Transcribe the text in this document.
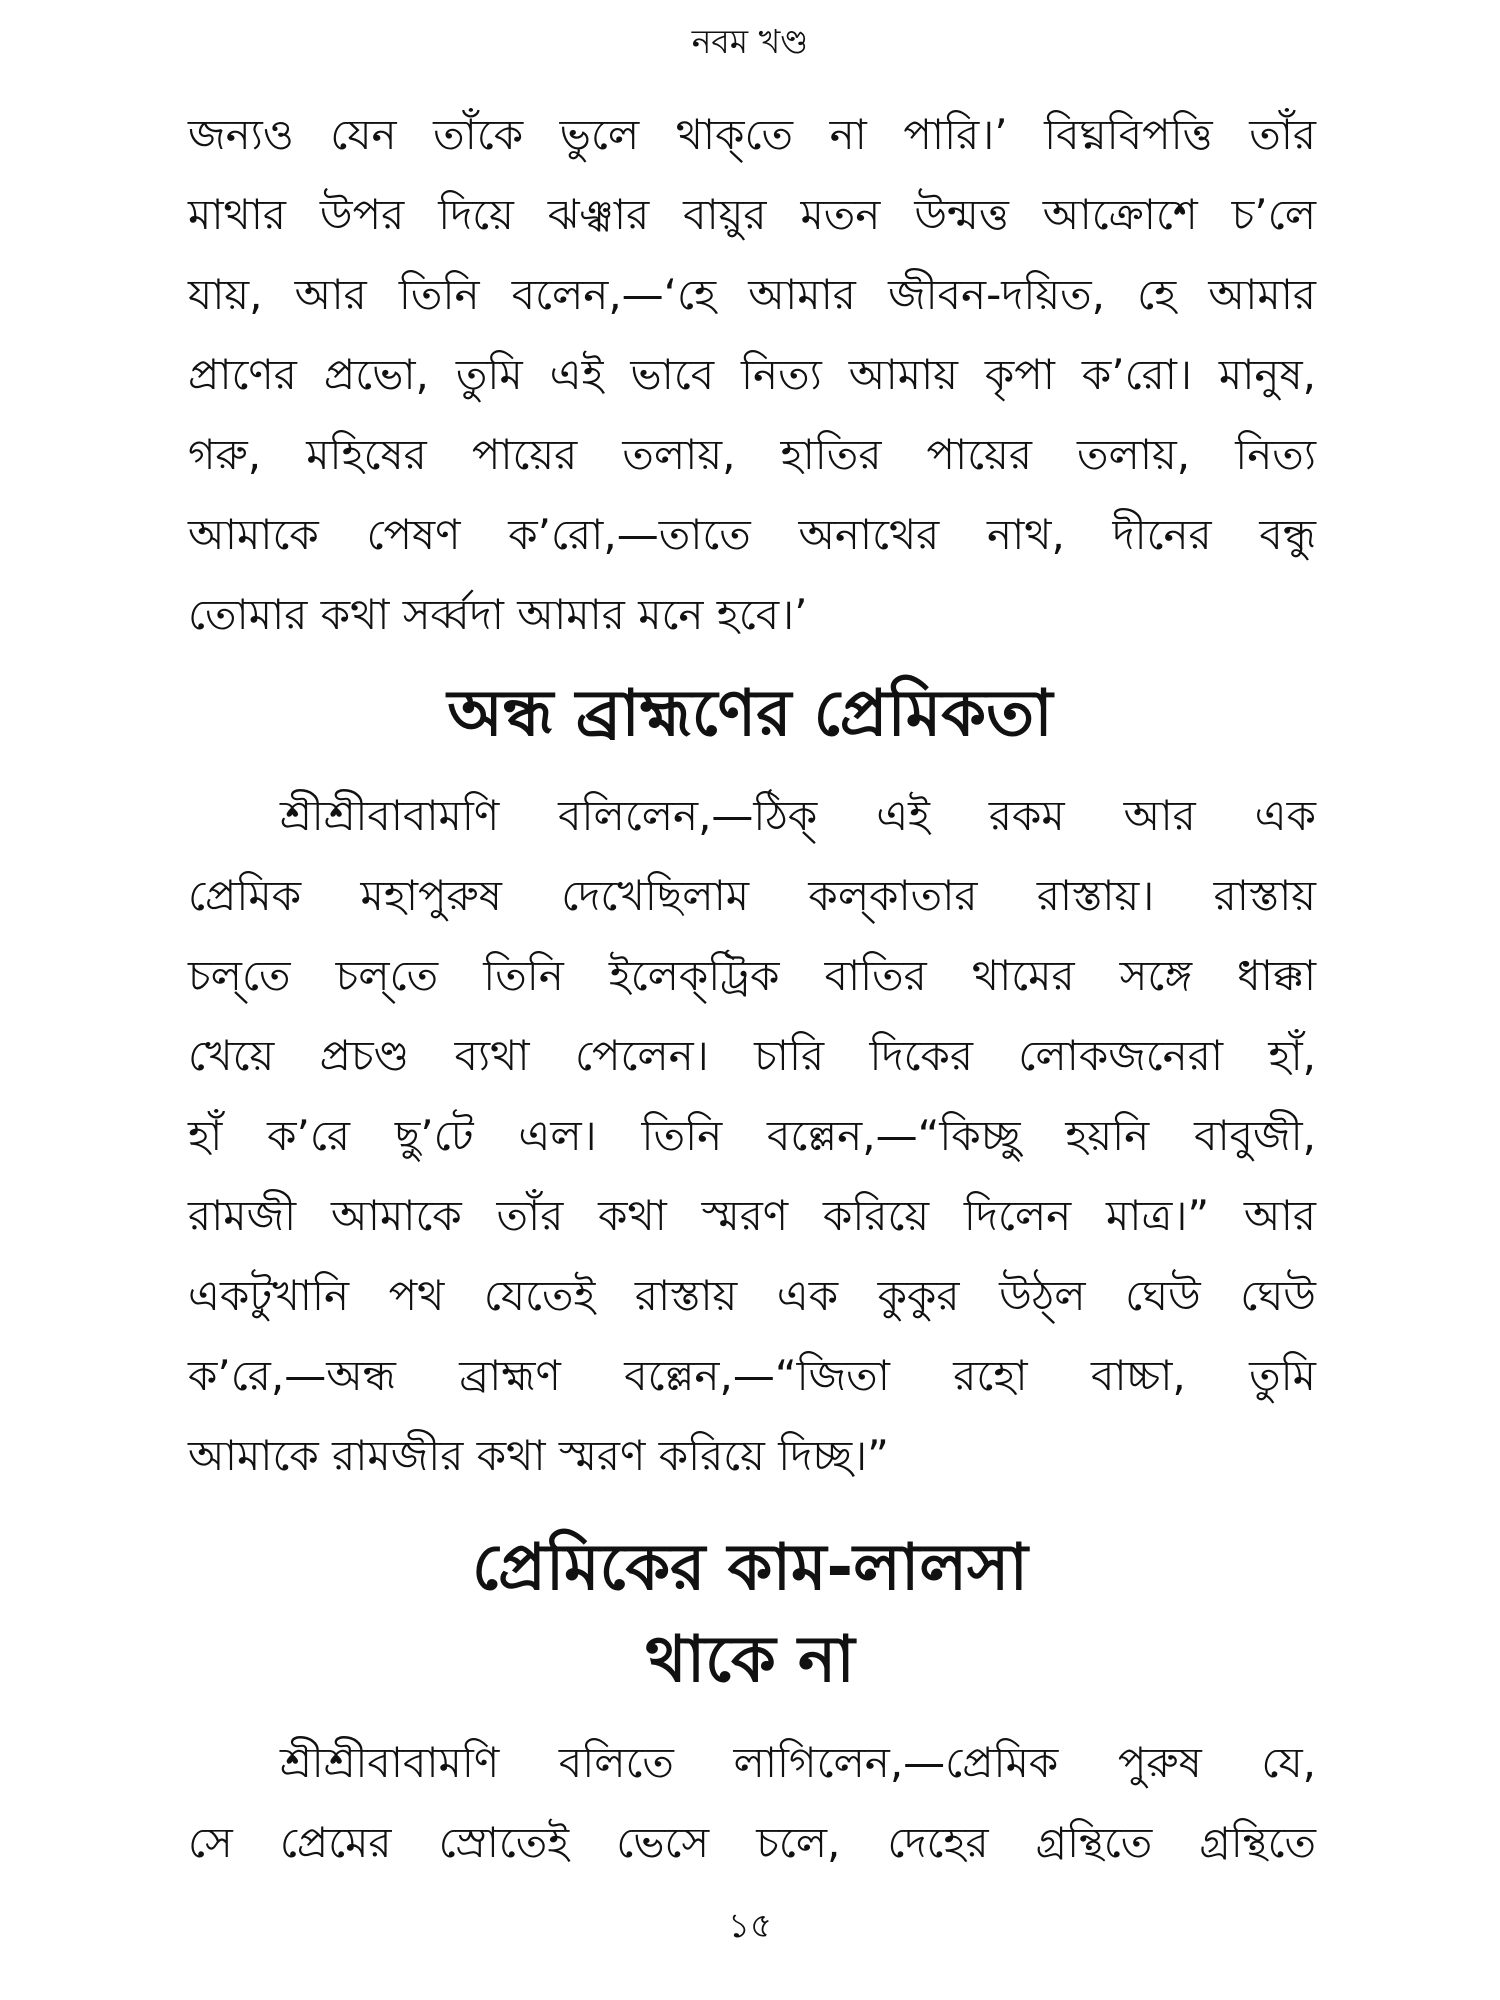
নবম খণ্ড
জন্যও যেন তাঁকে ভুলে থাক্‌তে না পারি।’ বিঘ্নবিপত্তি তাঁর
মাথার উপর দিয়ে ঝঞ্ঝার বায়ুর মতন উন্মত্ত আক্রোশে চ’লে
যায়, আর তিনি বলেন,—‘হে আমার জীবন-দয়িত, হে আমার
প্রাণের প্রভো, তুমি এই ভাবে নিত্য আমায় কৃপা ক’রো। মানুষ,
গরু, মহিষের পায়ের তলায়, হাতির পায়ের তলায়, নিত্য
আমাকে পেষণ ক’রো,—তাতে অনাথের নাথ, দীনের বন্ধু
তোমার কথা সর্ব্বদা আমার মনে হবে।’
অন্ধ ব্রাহ্মণের প্রেমিকতা
শ্রীশ্রীবাবামণি বলিলেন,—ঠিক্‌ এই রকম আর এক
প্রেমিক মহাপুরুষ দেখেছিলাম কল্‌কাতার রাস্তায়। রাস্তায়
চল্‌তে চল্‌তে তিনি ইলেক্‌ট্রিক বাতির থামের সঙ্গে ধাক্কা
খেয়ে প্রচণ্ড ব্যথা পেলেন। চারি দিকের লোকজনেরা হাঁ,
হাঁ ক’রে ছু’টে এল। তিনি বল্লেন,—“কিচ্ছু হয়নি বাবুজী,
রামজী আমাকে তাঁর কথা স্মরণ করিয়ে দিলেন মাত্র।” আর
একটুখানি পথ যেতেই রাস্তায় এক কুকুর উঠ্‌ল ঘেউ ঘেউ
ক’রে,—অন্ধ ব্রাহ্মণ বল্লেন,—“জিতা রহো বাচ্চা, তুমি
আমাকে রামজীর কথা স্মরণ করিয়ে দিচ্ছ।”
প্রেমিকের কাম-লালসা
থাকে না
শ্রীশ্রীবাবামণি বলিতে লাগিলেন,—প্রেমিক পুরুষ যে,
সে প্রেমের স্রোতেই ভেসে চলে, দেহের গ্রন্থিতে গ্রন্থিতে
১৫
